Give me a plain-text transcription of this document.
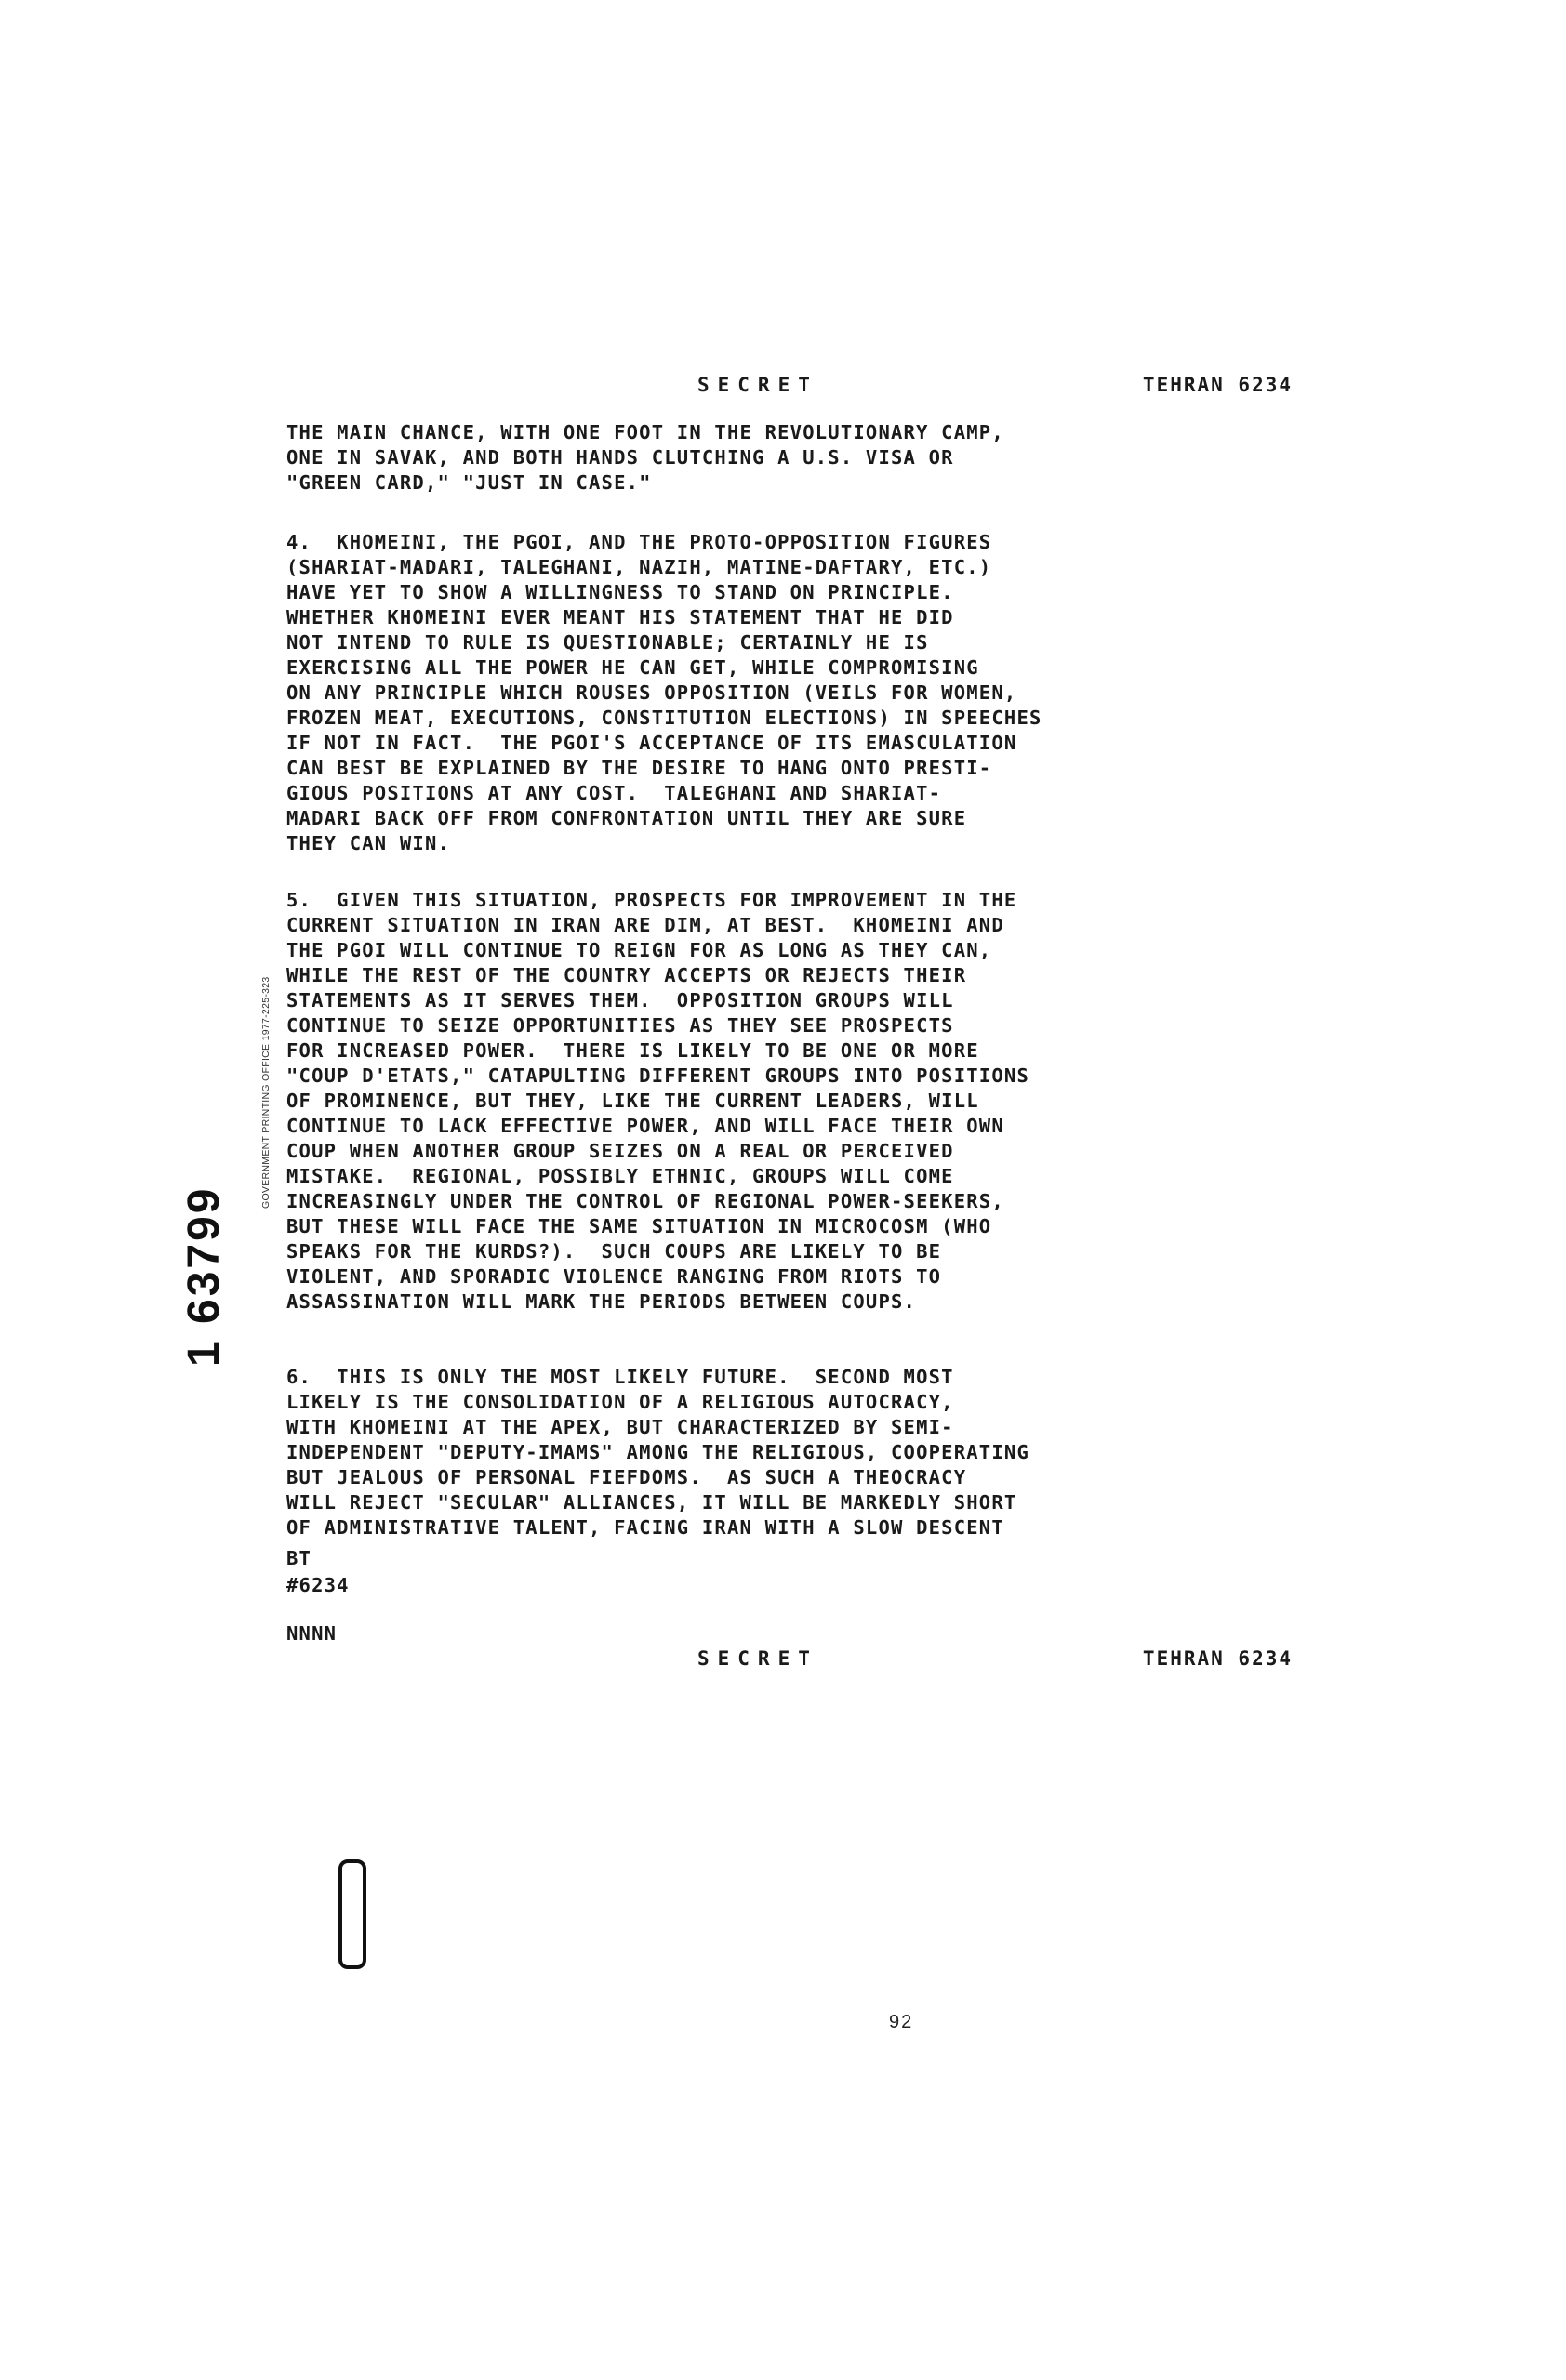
SECRET	TEHRAN 6234
THE MAIN CHANCE, WITH ONE FOOT IN THE REVOLUTIONARY CAMP,
ONE IN SAVAK, AND BOTH HANDS CLUTCHING A U.S. VISA OR
"GREEN CARD," "JUST IN CASE."
4.  KHOMEINI, THE PGOI, AND THE PROTO-OPPOSITION FIGURES
(SHARIAT-MADARI, TALEGHANI, NAZIH, MATINE-DAFTARY, ETC.)
HAVE YET TO SHOW A WILLINGNESS TO STAND ON PRINCIPLE.
WHETHER KHOMEINI EVER MEANT HIS STATEMENT THAT HE DID
NOT INTEND TO RULE IS QUESTIONABLE; CERTAINLY HE IS
EXERCISING ALL THE POWER HE CAN GET, WHILE COMPROMISING
ON ANY PRINCIPLE WHICH ROUSES OPPOSITION (VEILS FOR WOMEN,
FROZEN MEAT, EXECUTIONS, CONSTITUTION ELECTIONS) IN SPEECHES
IF NOT IN FACT.  THE PGOI'S ACCEPTANCE OF ITS EMASCULATION
CAN BEST BE EXPLAINED BY THE DESIRE TO HANG ONTO PRESTI-
GIOUS POSITIONS AT ANY COST.  TALEGHANI AND SHARIAT-
MADARI BACK OFF FROM CONFRONTATION UNTIL THEY ARE SURE
THEY CAN WIN.
5.  GIVEN THIS SITUATION, PROSPECTS FOR IMPROVEMENT IN THE
CURRENT SITUATION IN IRAN ARE DIM, AT BEST.  KHOMEINI AND
THE PGOI WILL CONTINUE TO REIGN FOR AS LONG AS THEY CAN,
WHILE THE REST OF THE COUNTRY ACCEPTS OR REJECTS THEIR
STATEMENTS AS IT SERVES THEM.  OPPOSITION GROUPS WILL
CONTINUE TO SEIZE OPPORTUNITIES AS THEY SEE PROSPECTS
FOR INCREASED POWER.  THERE IS LIKELY TO BE ONE OR MORE
"COUP D'ETATS," CATAPULTING DIFFERENT GROUPS INTO POSITIONS
OF PROMINENCE, BUT THEY, LIKE THE CURRENT LEADERS, WILL
CONTINUE TO LACK EFFECTIVE POWER, AND WILL FACE THEIR OWN
COUP WHEN ANOTHER GROUP SEIZES ON A REAL OR PERCEIVED
MISTAKE.  REGIONAL, POSSIBLY ETHNIC, GROUPS WILL COME
INCREASINGLY UNDER THE CONTROL OF REGIONAL POWER-SEEKERS,
BUT THESE WILL FACE THE SAME SITUATION IN MICROCOSM (WHO
SPEAKS FOR THE KURDS?).  SUCH COUPS ARE LIKELY TO BE
VIOLENT, AND SPORADIC VIOLENCE RANGING FROM RIOTS TO
ASSASSINATION WILL MARK THE PERIODS BETWEEN COUPS.
6.  THIS IS ONLY THE MOST LIKELY FUTURE.  SECOND MOST
LIKELY IS THE CONSOLIDATION OF A RELIGIOUS AUTOCRACY,
WITH KHOMEINI AT THE APEX, BUT CHARACTERIZED BY SEMI-
INDEPENDENT "DEPUTY-IMAMS" AMONG THE RELIGIOUS, COOPERATING
BUT JEALOUS OF PERSONAL FIEFDOMS.  AS SUCH A THEOCRACY
WILL REJECT "SECULAR" ALLIANCES, IT WILL BE MARKEDLY SHORT
OF ADMINISTRATIVE TALENT, FACING IRAN WITH A SLOW DESCENT
BT
#6234
NNNN
SECRET	TEHRAN 6234
GOVERNMENT PRINTING OFFICE 1977-225-323
1 63799
92
